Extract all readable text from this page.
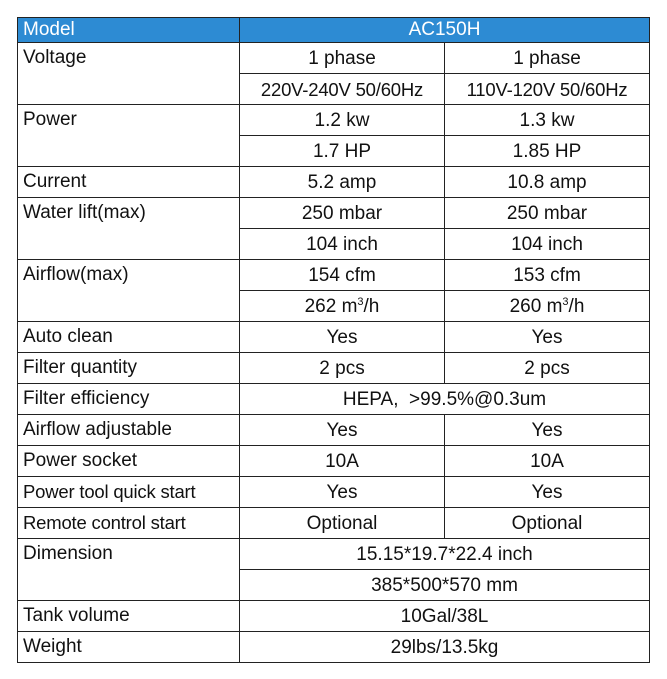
Model	AC150H	
Voltage	1 phase	1 phase
	220V-240V 50/60Hz	110V-120V 50/60Hz
Power	1.2 kw	1.3 kw
	1.7 HP	1.85 HP
Current	5.2 amp	10.8 amp
Water lift(max)	250 mbar	250 mbar
	104 inch	104 inch
Airflow(max)	154 cfm	153 cfm
	262 $m^3/h$	260 $m^3/h$
Auto clean	Yes	Yes
Filter quantity	2 pcs	2 pcs
Filter efficiency	HEPA,  >99.5%@0.3um	
Airflow adjustable	Yes	Yes
Power socket	10A	10A
Power tool quick start	Yes	Yes
Remote control start	Optional	Optional
Dimension	15.15*19.7*22.4 inch	
	385*500*570 mm	
Tank volume	10Gal/38L	
Weight	29lbs/13.5kg	
